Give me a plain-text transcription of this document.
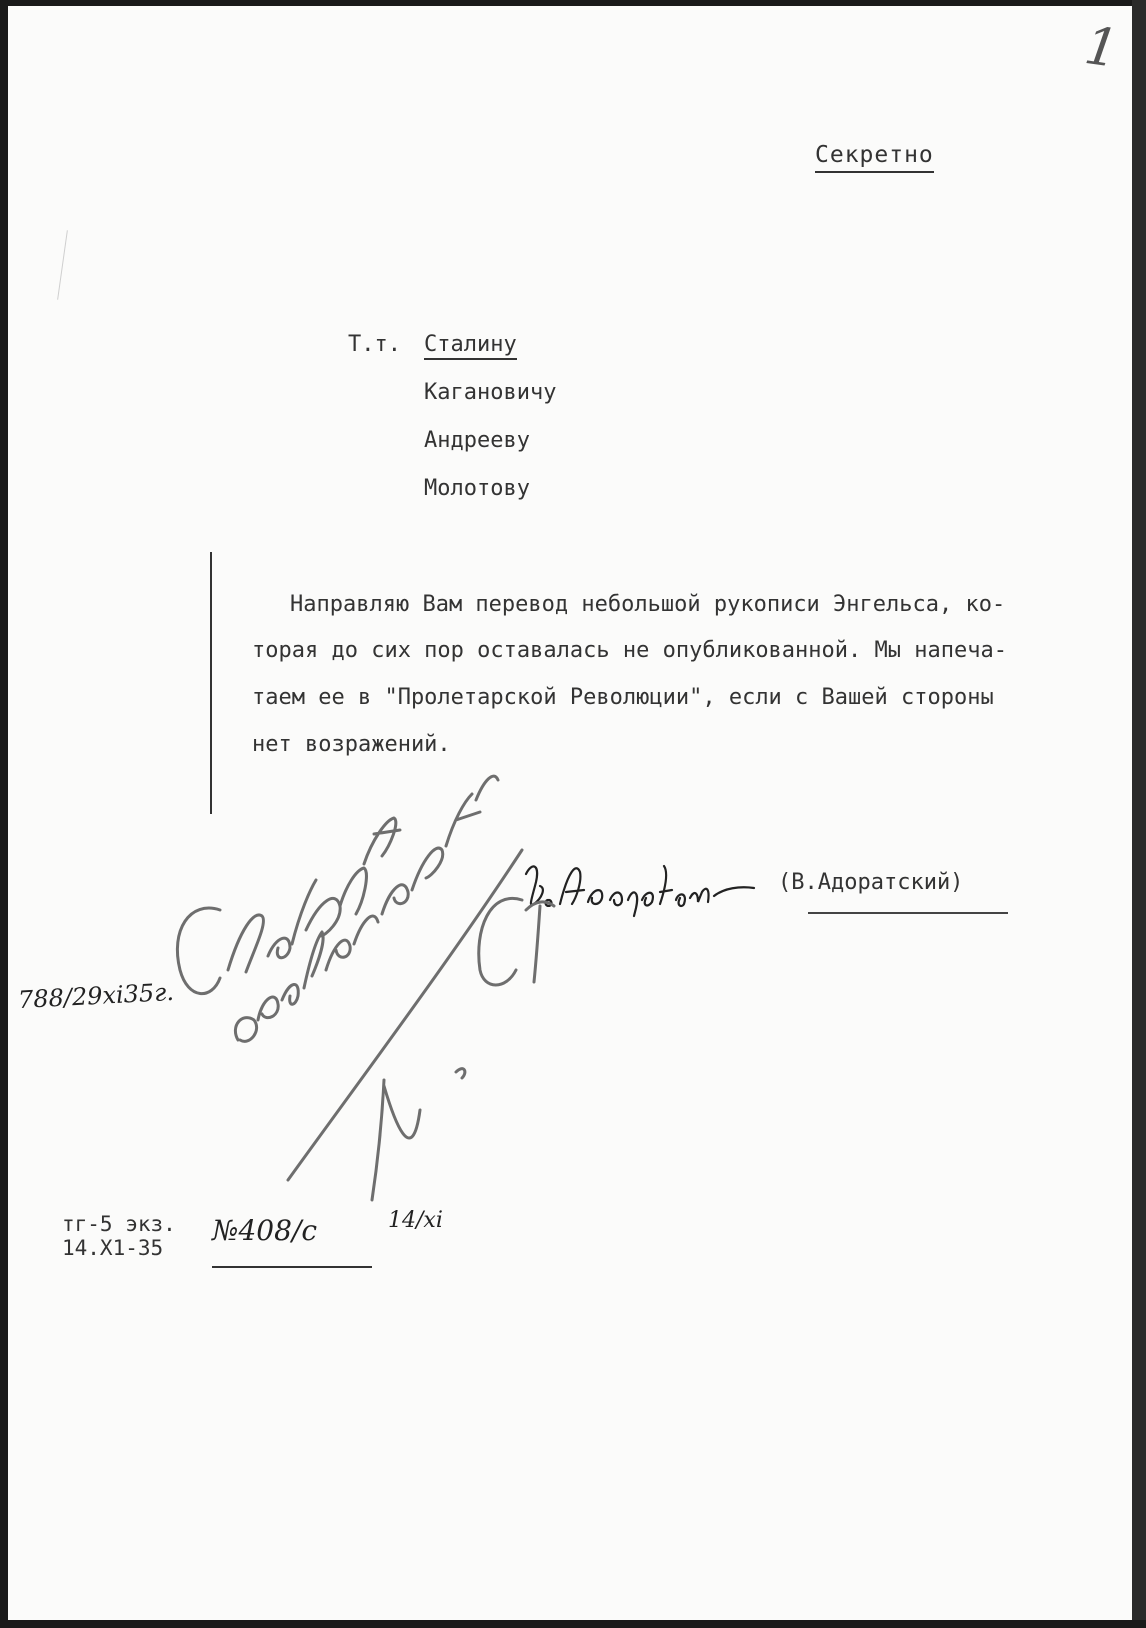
1
Секретно
Т.т. Сталину
Кагановичу
Андрееву
Молотову
Направляю Вам перевод небольшой рукописи Энгельса, ко-
торая до сих пор оставалась не опубликованной. Мы напеча-
таем ее в "Пролетарской Революции", если с Вашей стороны
нет возражений.
(В.Адоратский)
788/29xi35г.
тг-5 экз.
14.Х1-35
№408/с	14/xi
